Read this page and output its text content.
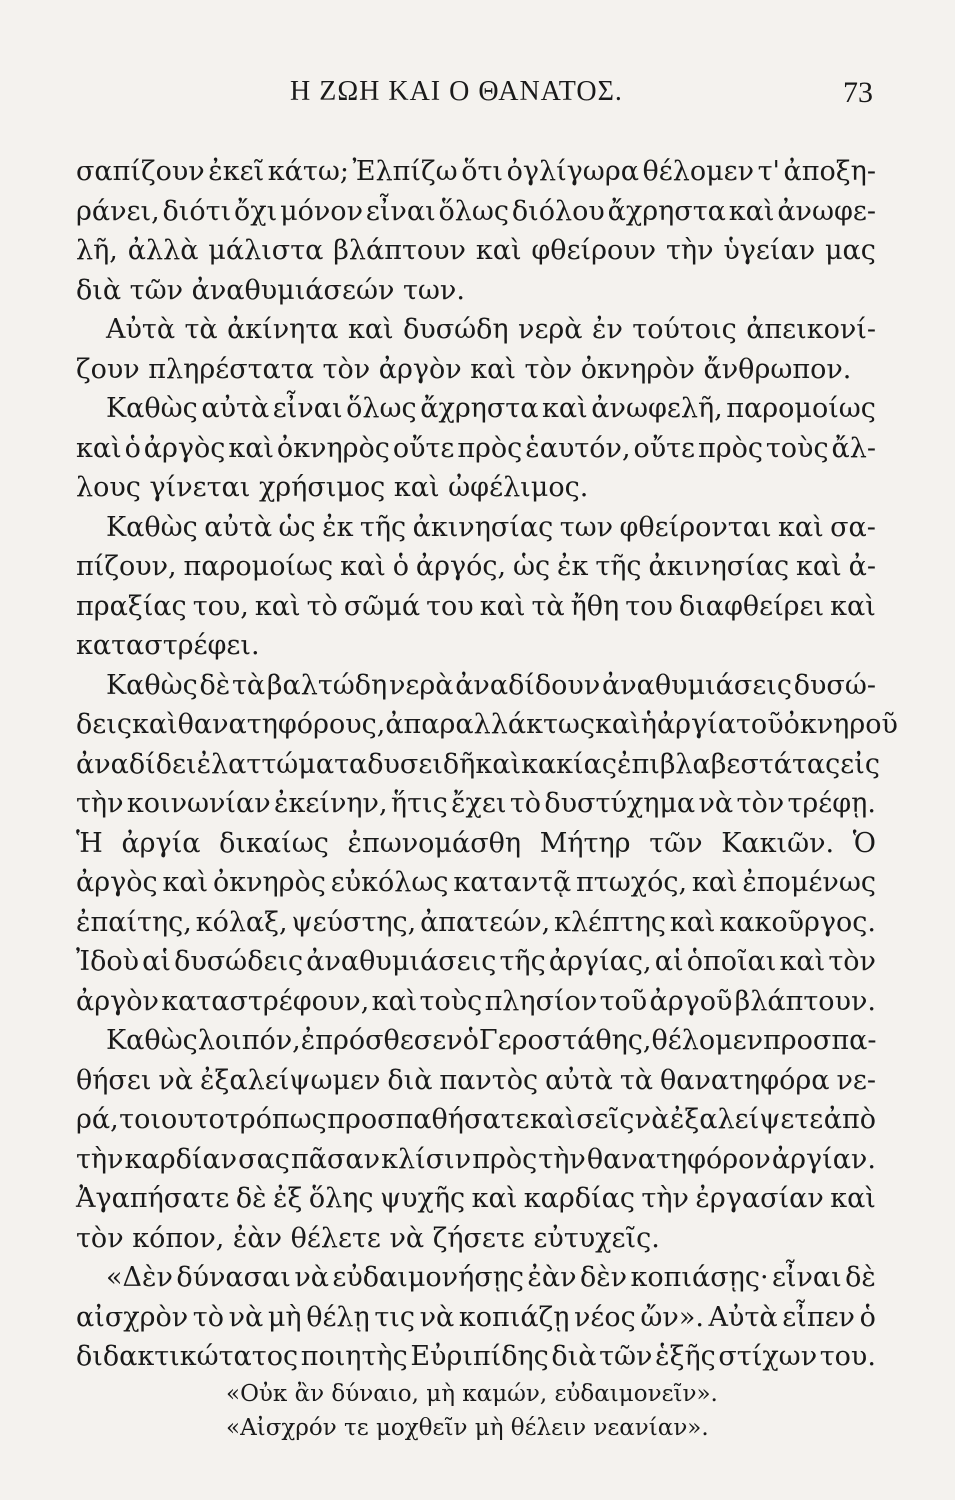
Η ΖΩΗ ΚΑΙ Ο ΘΑΝΑΤΟΣ.	73
σαπίζουν ἐκεῖ κάτω; Ἐλπίζω ὅτι ὀγλίγωρα θέλομεν τ' ἀποξη-
ράνει, διότι ὄχι μόνον εἶναι ὅλως διόλου ἄχρηστα καὶ ἀνωφε-
λῆ, ἀλλὰ μάλιστα βλάπτουν καὶ φθείρουν τὴν ὑγείαν μας
διὰ τῶν ἀναθυμιάσεών των.
Αὐτὰ τὰ ἀκίνητα καὶ δυσώδη νερὰ ἐν τούτοις ἀπεικονί-
ζουν πληρέστατα τὸν ἀργὸν καὶ τὸν ὀκνηρὸν ἄνθρωπον.
Καθὼς αὐτὰ εἶναι ὅλως ἄχρηστα καὶ ἀνωφελῆ, παρομοίως
καὶ ὁ ἀργὸς καὶ ὀκνηρὸς οὔτε πρὸς ἑαυτόν, οὔτε πρὸς τοὺς ἄλ-
λους γίνεται χρήσιμος καὶ ὠφέλιμος.
Καθὼς αὐτὰ ὡς ἐκ τῆς ἀκινησίας των φθείρονται καὶ σα-
πίζουν, παρομοίως καὶ ὁ ἀργός, ὡς ἐκ τῆς ἀκινησίας καὶ ἀ-
πραξίας του, καὶ τὸ σῶμά του καὶ τὰ ἤθη του διαφθείρει καὶ
καταστρέφει.
Καθὼς δὲ τὰ βαλτώδη νερὰ ἀναδίδουν ἀναθυμιάσεις δυσώ-
δεις καὶ θανατηφόρους, ἀπαραλλάκτως καὶ ἡ ἀργία τοῦ ὀκνηροῦ
ἀναδίδει ἐλαττώματα δυσειδῆ καὶ κακίας ἐπιβλαβεστάτας εἰς
τὴν κοινωνίαν ἐκείνην, ἥτις ἔχει τὸ δυστύχημα νὰ τὸν τρέφῃ.
Ἡ ἀργία δικαίως ἐπωνομάσθη Μήτηρ τῶν Κακιῶν. Ὁ
ἀργὸς καὶ ὀκνηρὸς εὐκόλως καταντᾷ πτωχός, καὶ ἐπομένως
ἐπαίτης, κόλαξ, ψεύστης, ἀπατεών, κλέπτης καὶ κακοῦργος.
Ἰδοὺ αἱ δυσώδεις ἀναθυμιάσεις τῆς ἀργίας, αἱ ὁποῖαι καὶ τὸν
ἀργὸν καταστρέφουν, καὶ τοὺς πλησίον τοῦ ἀργοῦ βλάπτουν.
Καθὼς λοιπόν, ἐπρόσθεσεν ὁ Γεροστάθης, θέλομεν προσπα-
θήσει νὰ ἐξαλείψωμεν διὰ παντὸς αὐτὰ τὰ θανατηφόρα νε-
ρά, τοιουτοτρόπως προσπαθήσατε καὶ σεῖς νὰ ἐξαλείψετε ἀπὸ
τὴν καρδίαν σας πᾶσαν κλίσιν πρὸς τὴν θανατηφόρον ἀργίαν.
Ἀγαπήσατε δὲ ἐξ ὅλης ψυχῆς καὶ καρδίας τὴν ἐργασίαν καὶ
τὸν κόπον, ἐὰν θέλετε νὰ ζήσετε εὐτυχεῖς.
«Δὲν δύνασαι νὰ εὐδαιμονήσῃς ἐὰν δὲν κοπιάσῃς· εἶναι δὲ
αἰσχρὸν τὸ νὰ μὴ θέλῃ τις νὰ κοπιάζῃ νέος ὤν». Αὐτὰ εἶπεν ὁ
διδακτικώτατος ποιητὴς Εὐριπίδης διὰ τῶν ἑξῆς στίχων του.
«Οὐκ ἂν δύναιο, μὴ καμών, εὐδαιμονεῖν».
«Αἰσχρόν τε μοχθεῖν μὴ θέλειν νεανίαν».
